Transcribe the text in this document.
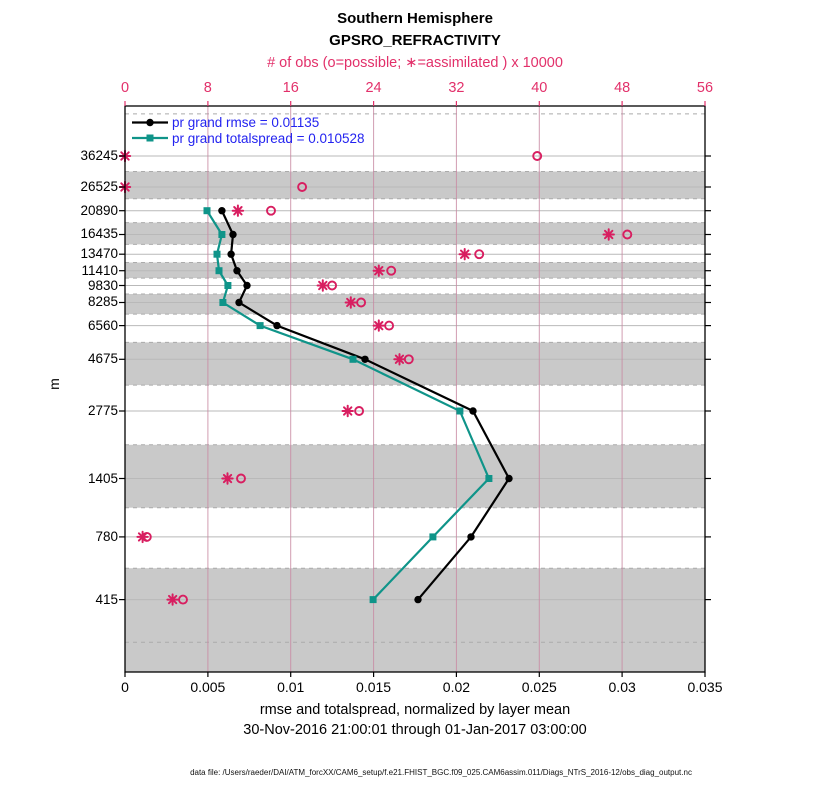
Southern Hemisphere
GPSRO_REFRACTIVITY
# of obs (o=possible; ∗=assimilated ) x 10000
pr grand rmse = 0.01135
pr grand totalspread = 0.010528
m
rmse and totalspread, normalized by layer mean
30-Nov-2016 21:00:01 through 01-Jan-2017 03:00:00
data file: /Users/raeder/DAI/ATM_forcXX/CAM6_setup/f.e21.FHIST_BGC.f09_025.CAM6assim.011/Diags_NTrS_2016-12/obs_diag_output.nc
0	8	16	24	32	40	48	56
0	0.005	0.01	0.015	0.02	0.025	0.03	0.035
36245
26525
20890
16435
13470
11410
9830
8285
6560
4675
2775
1405
780
415
